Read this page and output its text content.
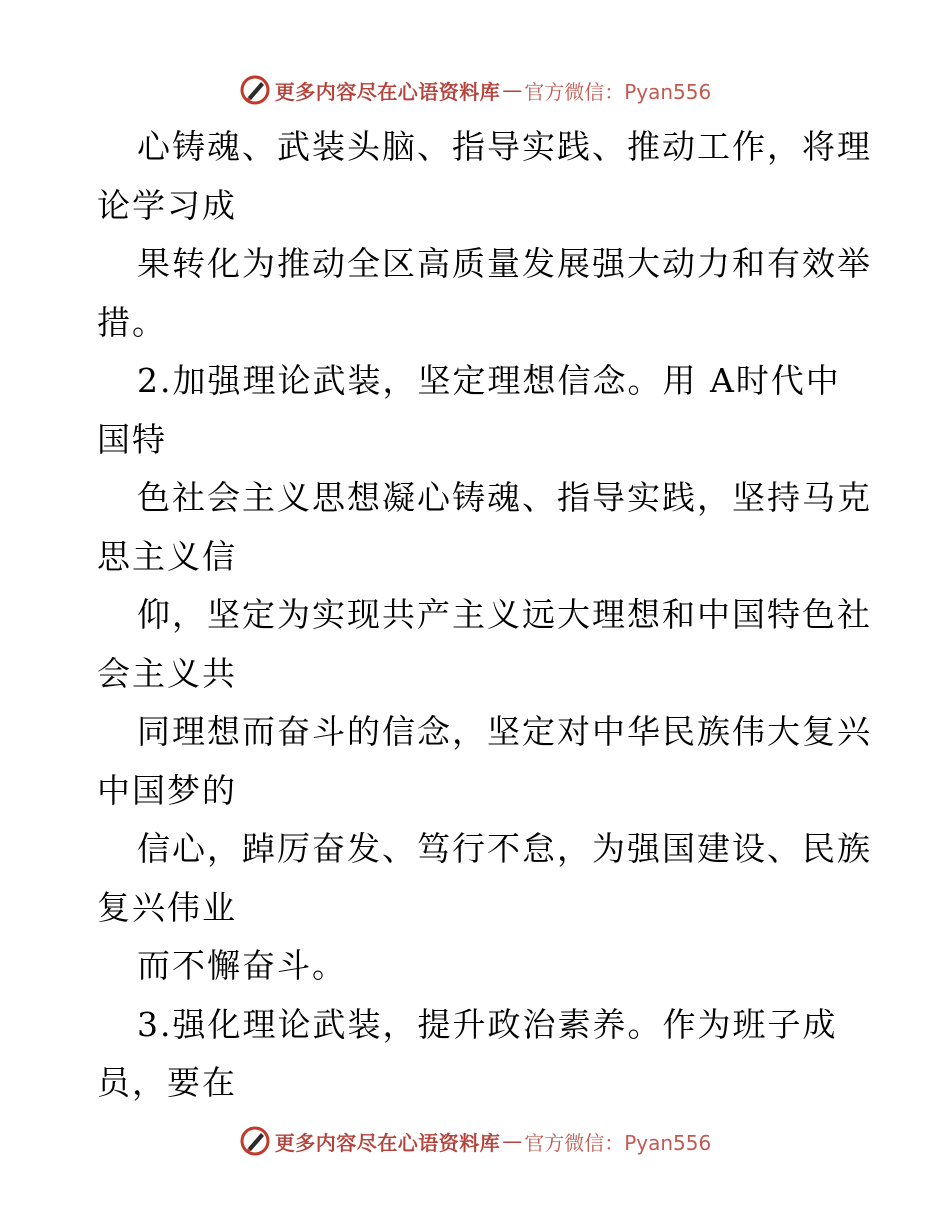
更多内容尽在心语资料库 — 官方微信：Pyan556
心铸魂、武装头脑、指导实践、推动工作，将理
论学习成
果转化为推动全区高质量发展强大动力和有效举
措。
2.加强理论武装，坚定理想信念。用 A时代中
国特
色社会主义思想凝心铸魂、指导实践，坚持马克
思主义信
仰，坚定为实现共产主义远大理想和中国特色社
会主义共
同理想而奋斗的信念，坚定对中华民族伟大复兴
中国梦的
信心，踔厉奋发、笃行不怠，为强国建设、民族
复兴伟业
而不懈奋斗。
3.强化理论武装，提升政治素养。作为班子成
员，要在
更多内容尽在心语资料库 — 官方微信：Pyan556
